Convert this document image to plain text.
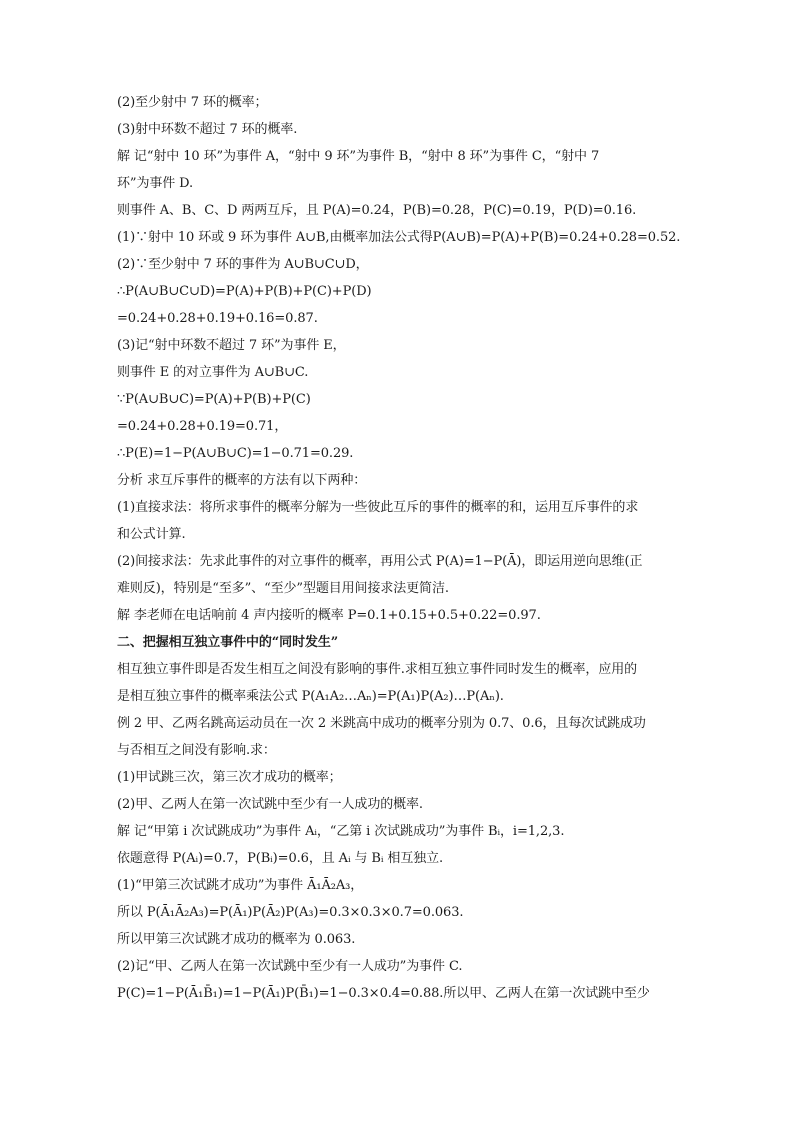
(2)至少射中 7 环的概率；
(3)射中环数不超过 7 环的概率.
解 记“射中 10 环”为事件 A，“射中 9 环”为事件 B，“射中 8 环”为事件 C，“射中 7
环”为事件 D.
则事件 A、B、C、D 两两互斥，且 P(A)=0.24，P(B)=0.28，P(C)=0.19，P(D)=0.16.
(1)∵射中 10 环或 9 环为事件 A∪B,由概率加法公式得P(A∪B)=P(A)+P(B)=0.24+0.28=0.52.
(2)∵至少射中 7 环的事件为 A∪B∪C∪D，
∴P(A∪B∪C∪D)=P(A)+P(B)+P(C)+P(D)
=0.24+0.28+0.19+0.16=0.87.
(3)记“射中环数不超过 7 环”为事件 E，
则事件 E 的对立事件为 A∪B∪C.
∵P(A∪B∪C)=P(A)+P(B)+P(C)
=0.24+0.28+0.19=0.71，
∴P(E)=1−P(A∪B∪C)=1−0.71=0.29.
分析 求互斥事件的概率的方法有以下两种：
(1)直接求法：将所求事件的概率分解为一些彼此互斥的事件的概率的和，运用互斥事件的求
和公式计算.
(2)间接求法：先求此事件的对立事件的概率，再用公式 P(A)=1−P(Ā)，即运用逆向思维(正
难则反)，特别是“至多”、“至少”型题目用间接求法更简洁.
解 李老师在电话响前 4 声内接听的概率 P=0.1+0.15+0.5+0.22=0.97.
二、把握相互独立事件中的“同时发生”
相互独立事件即是否发生相互之间没有影响的事件.求相互独立事件同时发生的概率，应用的
是相互独立事件的概率乘法公式 P(A₁A₂…Aₙ)=P(A₁)P(A₂)…P(Aₙ).
例 2 甲、乙两名跳高运动员在一次 2 米跳高中成功的概率分别为 0.7、0.6，且每次试跳成功
与否相互之间没有影响.求：
(1)甲试跳三次，第三次才成功的概率；
(2)甲、乙两人在第一次试跳中至少有一人成功的概率.
解 记“甲第 i 次试跳成功”为事件 Aᵢ，“乙第 i 次试跳成功”为事件 Bᵢ，i=1,2,3.
依题意得 P(Aᵢ)=0.7，P(Bᵢ)=0.6，且 Aᵢ 与 Bᵢ 相互独立.
(1)“甲第三次试跳才成功”为事件 Ā₁Ā₂A₃，
所以 P(Ā₁Ā₂A₃)=P(Ā₁)P(Ā₂)P(A₃)=0.3×0.3×0.7=0.063.
所以甲第三次试跳才成功的概率为 0.063.
(2)记“甲、乙两人在第一次试跳中至少有一人成功”为事件 C.
P(C)=1−P(Ā₁B̄₁)=1−P(Ā₁)P(B̄₁)=1−0.3×0.4=0.88.所以甲、乙两人在第一次试跳中至少
